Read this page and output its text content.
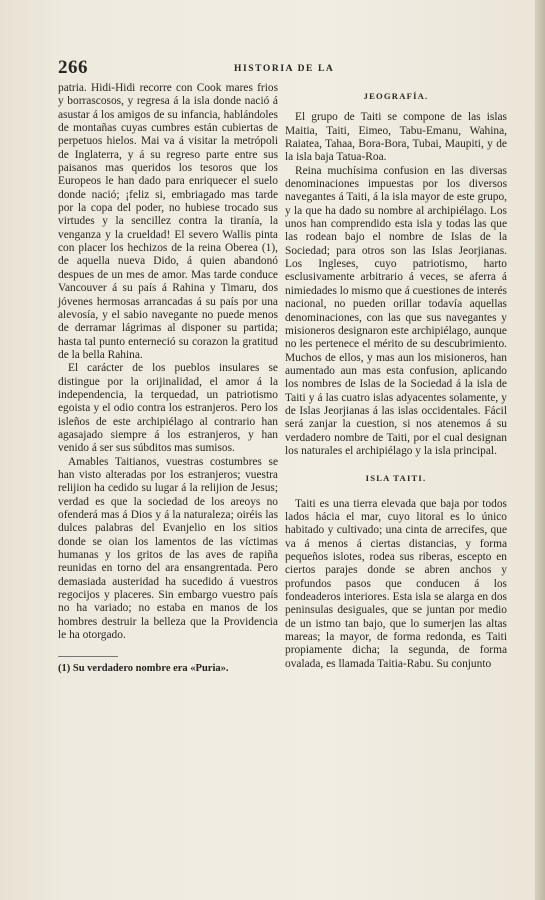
266	HISTORIA DE LA

patria. Hidi-Hidi recorre con Cook mares frios y borrascosos, y regresa á la isla donde nació á asustar á los amigos de su infancia, hablándoles de montañas cuyas cumbres están cubiertas de perpetuos hielos. Mai va á visitar la metrópoli de Inglaterra, y á su regreso parte entre sus paisanos mas queridos los tesoros que los Europeos le han dado para enriquecer el suelo donde nació; ¡feliz si, embriagado mas tarde por la copa del poder, no hubiese trocado sus virtudes y la sencillez contra la tiranía, la venganza y la crueldad! El severo Wallis pinta con placer los hechizos de la reina Oberea (1), de aquella nueva Dido, á quien abandonó despues de un mes de amor. Mas tarde conduce Vancouver á su país á Rahina y Timaru, dos jóvenes hermosas arrancadas á su país por una alevosía, y el sabio navegante no puede menos de derramar lágrimas al disponer su partida; hasta tal punto enterneció su corazon la gratitud de la bella Rahina.

El carácter de los pueblos insulares se distingue por la orijinalidad, el amor á la independencia, la terquedad, un patriotismo egoista y el odio contra los estranjeros. Pero los isleños de este archipiélago al contrario han agasajado siempre á los estranjeros, y han venido á ser sus súbditos mas sumisos.

Amables Taitianos, vuestras costumbres se han visto alteradas por los estranjeros; vuestra relijion ha cedido su lugar á la relijion de Jesus; verdad es que la sociedad de los areoys no ofenderá mas á Dios y á la naturaleza; oiréis las dulces palabras del Evanjelio en los sitios donde se oian los lamentos de las víctimas humanas y los gritos de las aves de rapiña reunidas en torno del ara ensangrentada. Pero demasiada austeridad ha sucedido á vuestros regocijos y placeres. Sin embargo vuestro país no ha variado; no estaba en manos de los hombres destruir la belleza que la Providencia le ha otorgado.

(1) Su verdadero nombre era «Puria».

JEOGRAFÍA.

El grupo de Taiti se compone de las islas Maitia, Taiti, Eimeo, Tabu-Emanu, Wahina, Raiatea, Tahaa, Bora-Bora, Tubai, Maupiti, y de la isla baja Tatua-Roa.

Reina muchísima confusion en las diversas denominaciones impuestas por los diversos navegantes á Taiti, á la isla mayor de este grupo, y la que ha dado su nombre al archipiélago. Los unos han comprendido esta isla y todas las que las rodean bajo el nombre de Islas de la Sociedad; para otros son las Islas Jeorjianas. Los Ingleses, cuyo patriotismo, harto esclusivamente arbitrario á veces, se aferra á nimiedades lo mismo que á cuestiones de interés nacional, no pueden orillar todavía aquellas denominaciones, con las que sus navegantes y misioneros designaron este archipiélago, aunque no les pertenece el mérito de su descubrimiento. Muchos de ellos, y mas aun los misioneros, han aumentado aun mas esta confusion, aplicando los nombres de Islas de la Sociedad á la isla de Taiti y á las cuatro islas adyacentes solamente, y de Islas Jeorjianas á las islas occidentales. Fácil será zanjar la cuestion, si nos atenemos á su verdadero nombre de Taiti, por el cual designan los naturales el archipiélago y la isla principal.

ISLA TAITI.

Taiti es una tierra elevada que baja por todos lados hácia el mar, cuyo litoral es lo único habitado y cultivado; una cinta de arrecifes, que va á menos á ciertas distancias, y forma pequeños islotes, rodea sus riberas, escepto en ciertos parajes donde se abren anchos y profundos pasos que conducen á los fondeaderos interiores. Esta isla se alarga en dos peninsulas desiguales, que se juntan por medio de un istmo tan bajo, que lo sumerjen las altas mareas; la mayor, de forma redonda, es Taiti propiamente dicha; la segunda, de forma ovalada, es llamada Taitia-Rabu. Su conjunto
